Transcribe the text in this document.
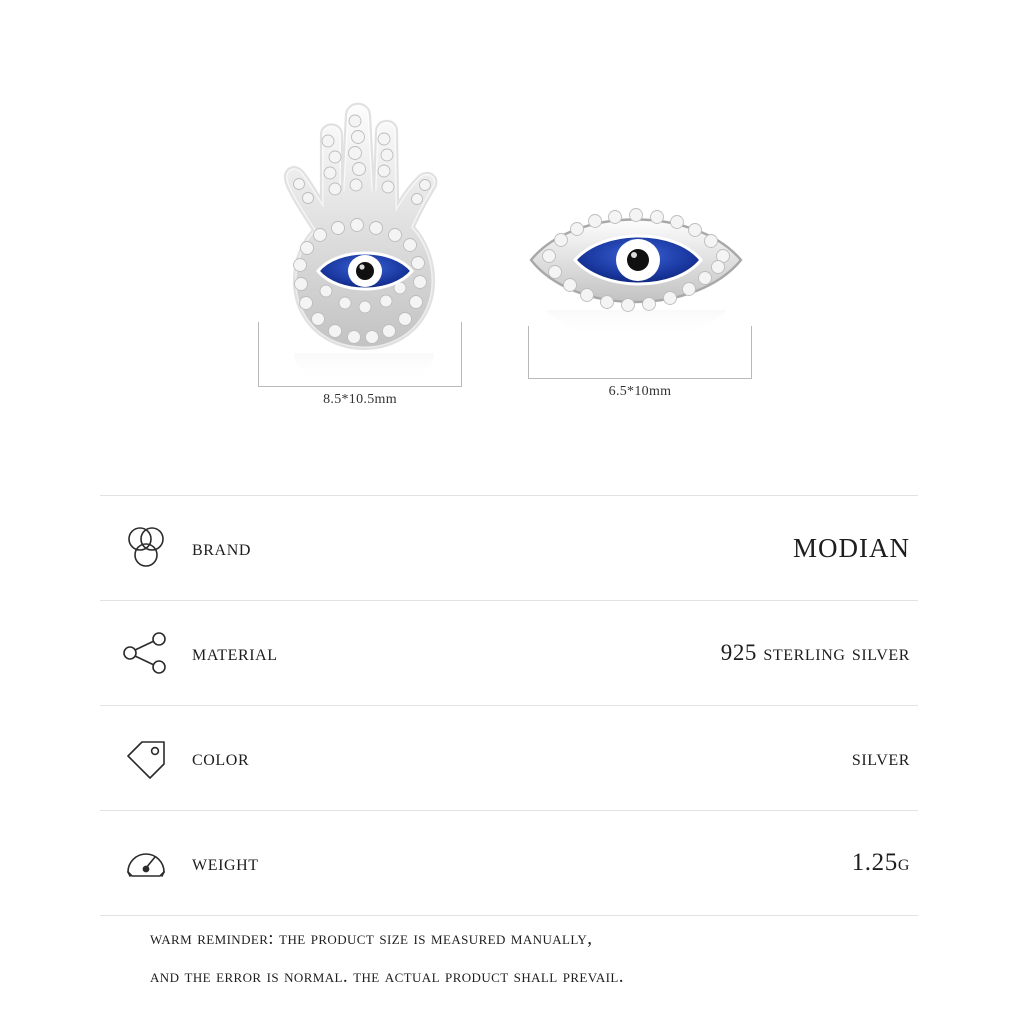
8.5*10.5mm
6.5*10mm
brand	MODIAN
material	925 sterling silver
color	silver
weight	1.25g
warm reminder: the product size is measured manually,
and the error is normal. the actual product shall prevail.
